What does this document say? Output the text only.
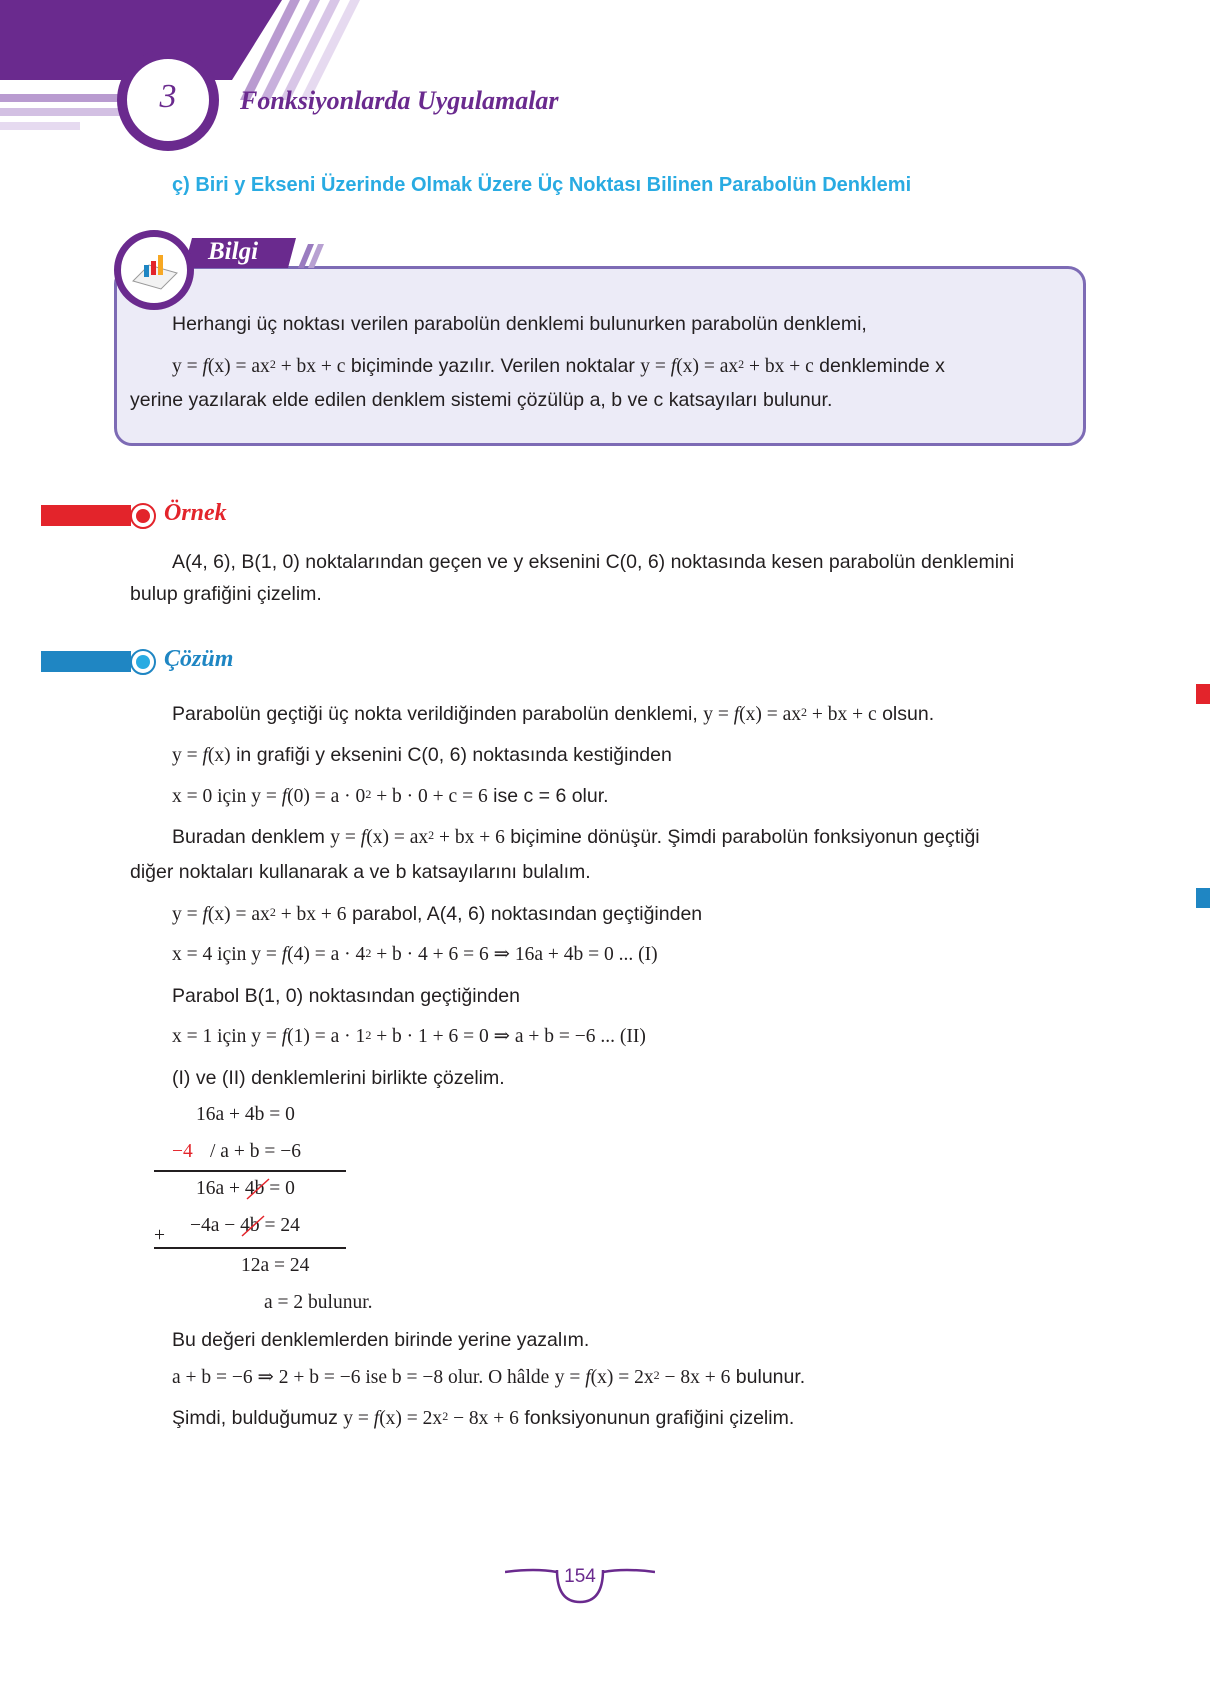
3	Fonksiyonlarda Uygulamalar
ç) Biri y Ekseni Üzerinde Olmak Üzere Üç Noktası Bilinen Parabolün Denklemi
Bilgi
Herhangi üç noktası verilen parabolün denklemi bulunurken parabolün denklemi,
$y = f(x) = ax^2$ + bx + c biçiminde yazılır. Verilen noktalar $y = f(x) = ax^2$ + bx + c denkleminde x
yerine yazılarak elde edilen denklem sistemi çözülüp a, b ve c katsayıları bulunur.
Örnek
A(4, 6), B(1, 0) noktalarından geçen ve y eksenini C(0, 6) noktasında kesen parabolün denklemini
bulup grafiğini çizelim.
Çözüm
Parabolün geçtiği üç nokta verildiğinden parabolün denklemi, $y = f(x) = ax^2$ + bx + c olsun.
y = f(x) in grafiği y eksenini C(0, 6) noktasında kestiğinden
x = 0 için $y = f(0) = a \cdot 0^2 + b \cdot 0 + c = 6$ ise c = 6 olur.
Buradan denklem $y = f(x) = ax^2$ + bx + 6 biçimine dönüşür. Şimdi parabolün fonksiyonun geçtiği
diğer noktaları kullanarak a ve b katsayılarını bulalım.
$y = f(x) = ax^2$ + bx + 6 parabol, A(4, 6) noktasından geçtiğinden
x = 4 için $y = f(4) = a \cdot 4^2 + b \cdot 4 + 6 = 6$ ⇒ 16a + 4b = 0 ... (I)
Parabol B(1, 0) noktasından geçtiğinden
x = 1 için $y = f(1) = a \cdot 1^2 + b \cdot 1 + 6 = 0$ ⇒ a + b = −6 ... (II)
(I) ve (II) denklemlerini birlikte çözelim.
16a + 4b = 0
−4 / a + b = −6
16a + 4b
= 0
+ −4a − 4b
= 24
12a = 24
a = 2 bulunur.
Bu değeri denklemlerden birinde yerine yazalım.
a + b = −6 ⇒ 2 + b = −6 ise b = −8 olur. O hâlde $y = f(x) = 2x^2 - 8x + 6$ bulunur.
Şimdi, bulduğumuz $y = f(x) = 2x^2 - 8x + 6$ fonksiyonunun grafiğini çizelim.
154
